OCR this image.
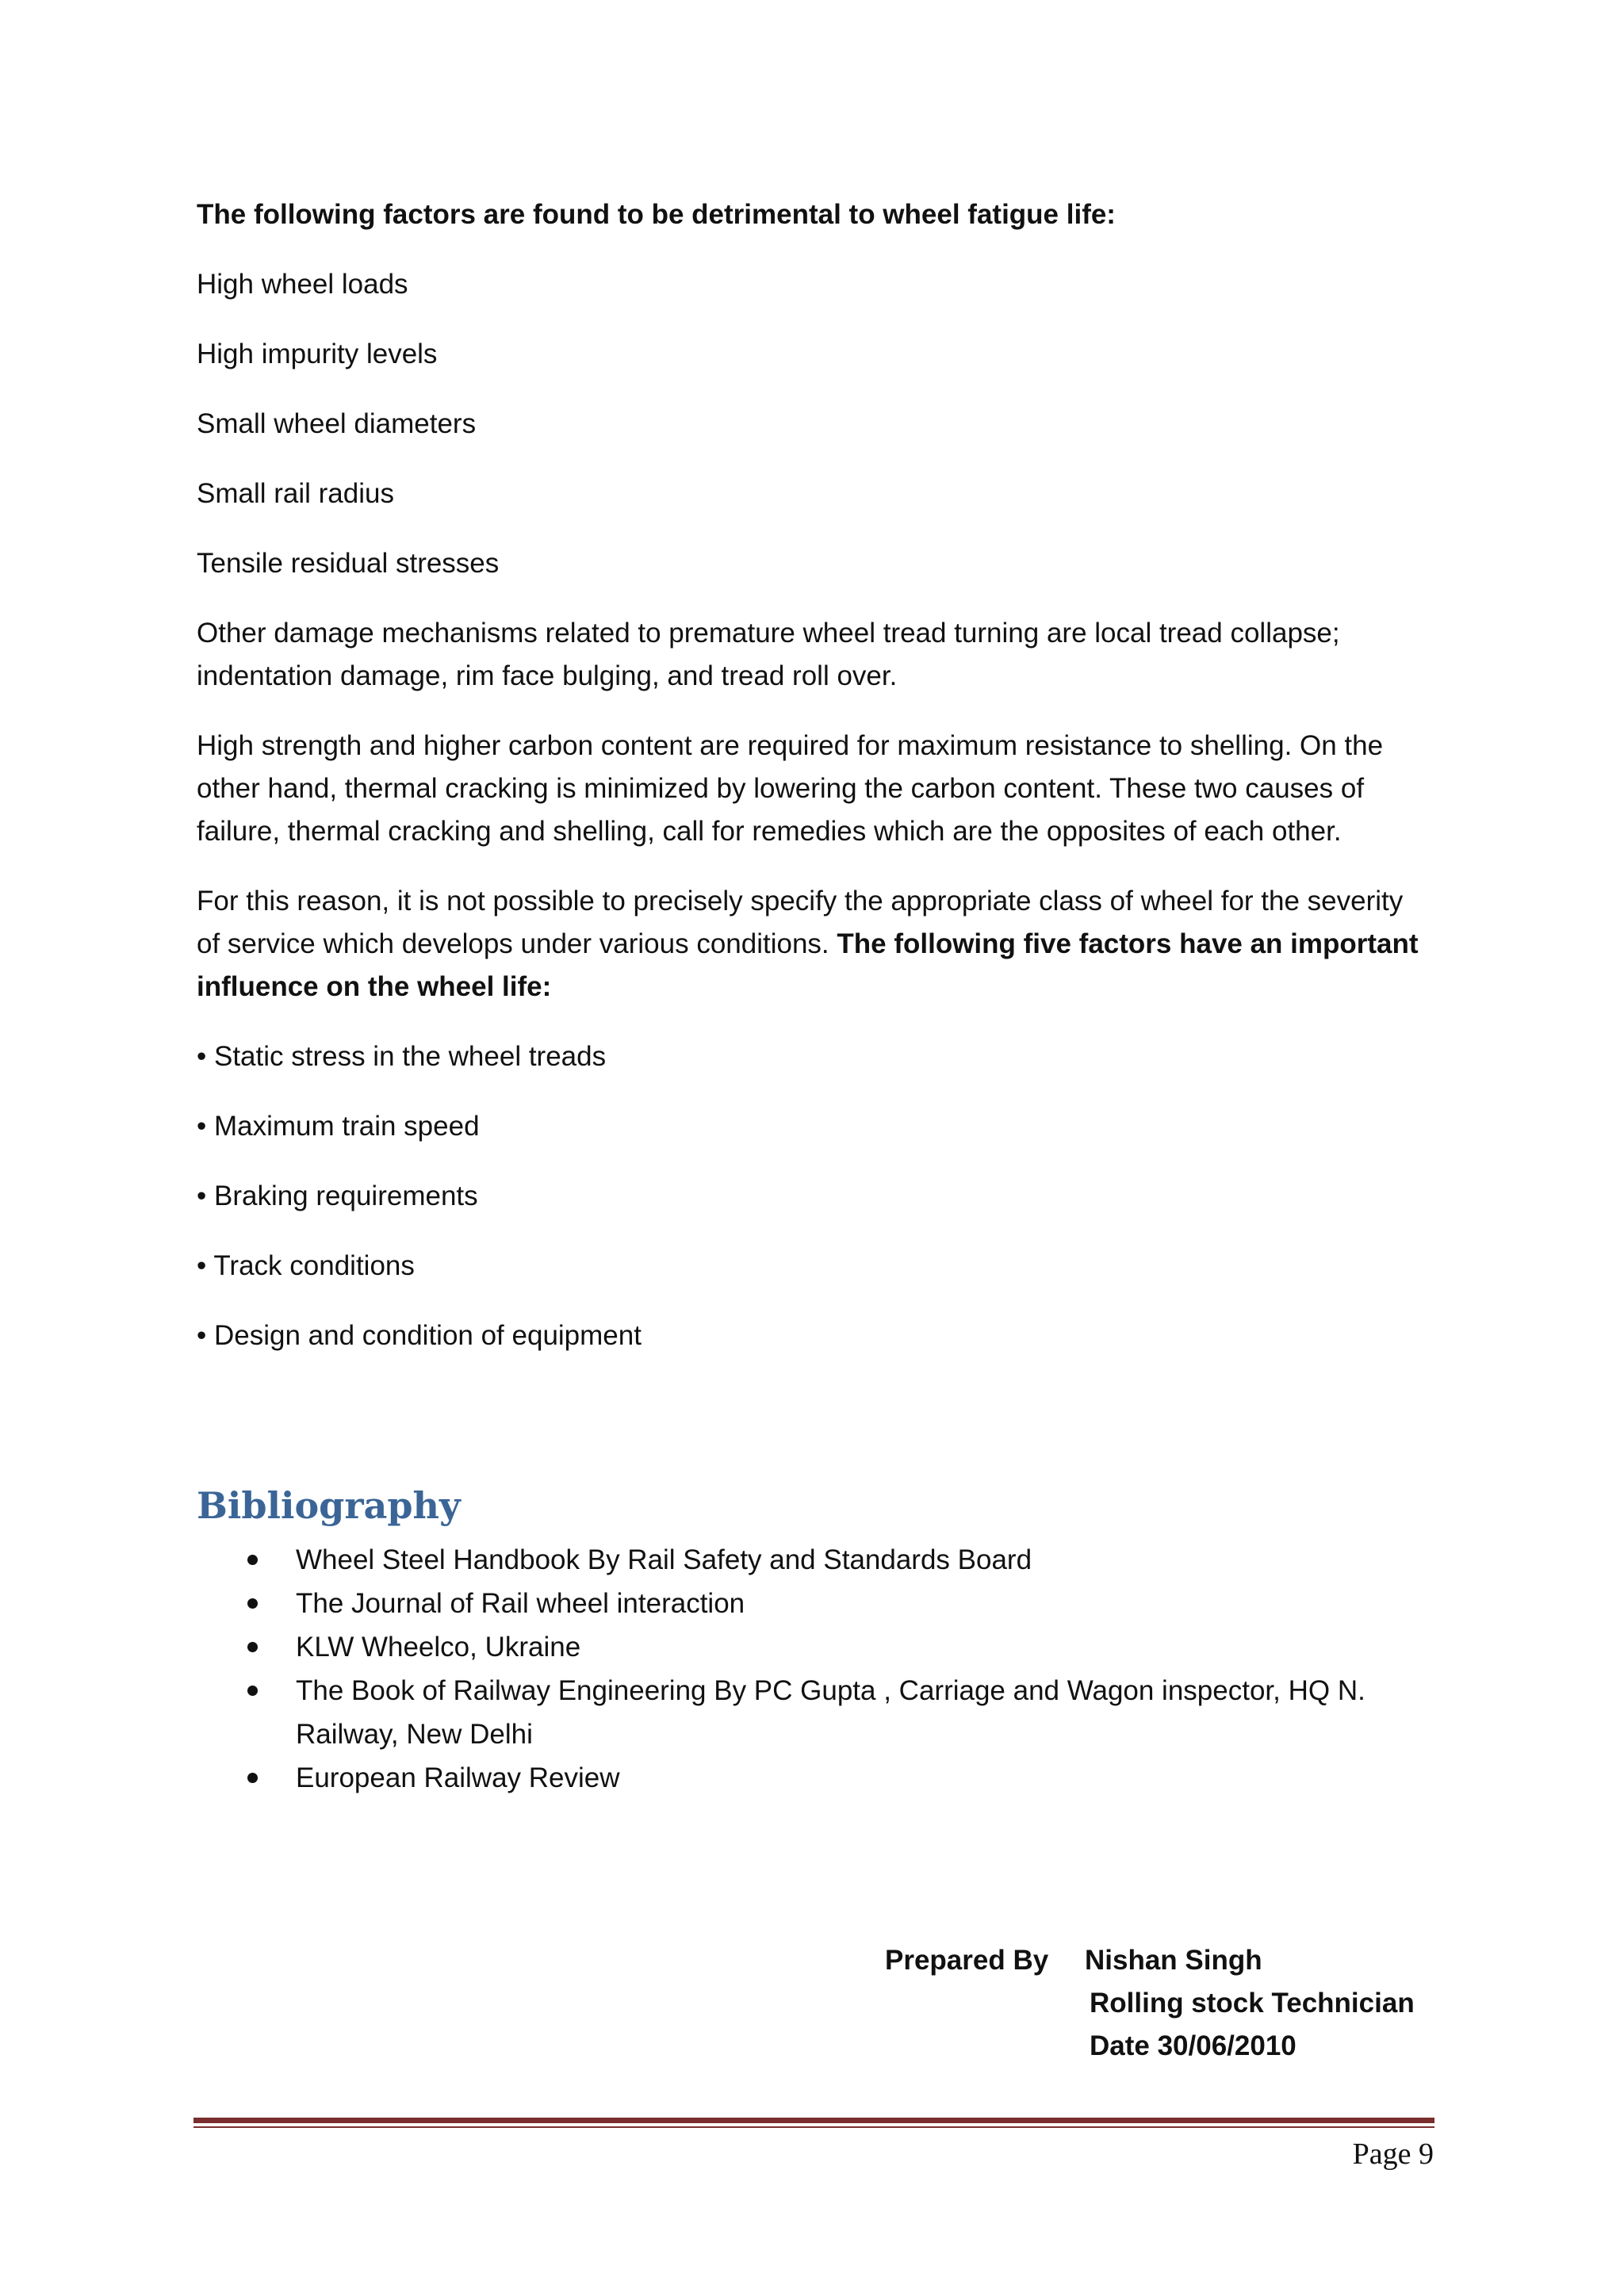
The following factors are found to be detrimental to wheel fatigue life:

High wheel loads

High impurity levels

Small wheel diameters

Small rail radius

Tensile residual stresses

Other damage mechanisms related to premature wheel tread turning are local tread collapse; indentation damage, rim face bulging, and tread roll over.

High strength and higher carbon content are required for maximum resistance to shelling. On the other hand, thermal cracking is minimized by lowering the carbon content. These two causes of failure, thermal cracking and shelling, call for remedies which are the opposites of each other.

For this reason, it is not possible to precisely specify the appropriate class of wheel for the severity of service which develops under various conditions. The following five factors have an important influence on the wheel life:

• Static stress in the wheel treads

• Maximum train speed

• Braking requirements

• Track conditions

• Design and condition of equipment

Bibliography
Wheel Steel Handbook By Rail Safety and Standards Board
The Journal of Rail wheel interaction
KLW Wheelco, Ukraine
The Book of Railway Engineering By PC Gupta , Carriage and Wagon inspector, HQ N. Railway, New Delhi
European Railway Review
Prepared By Nishan Singh
Rolling stock Technician
Date 30/06/2010
Page 9
